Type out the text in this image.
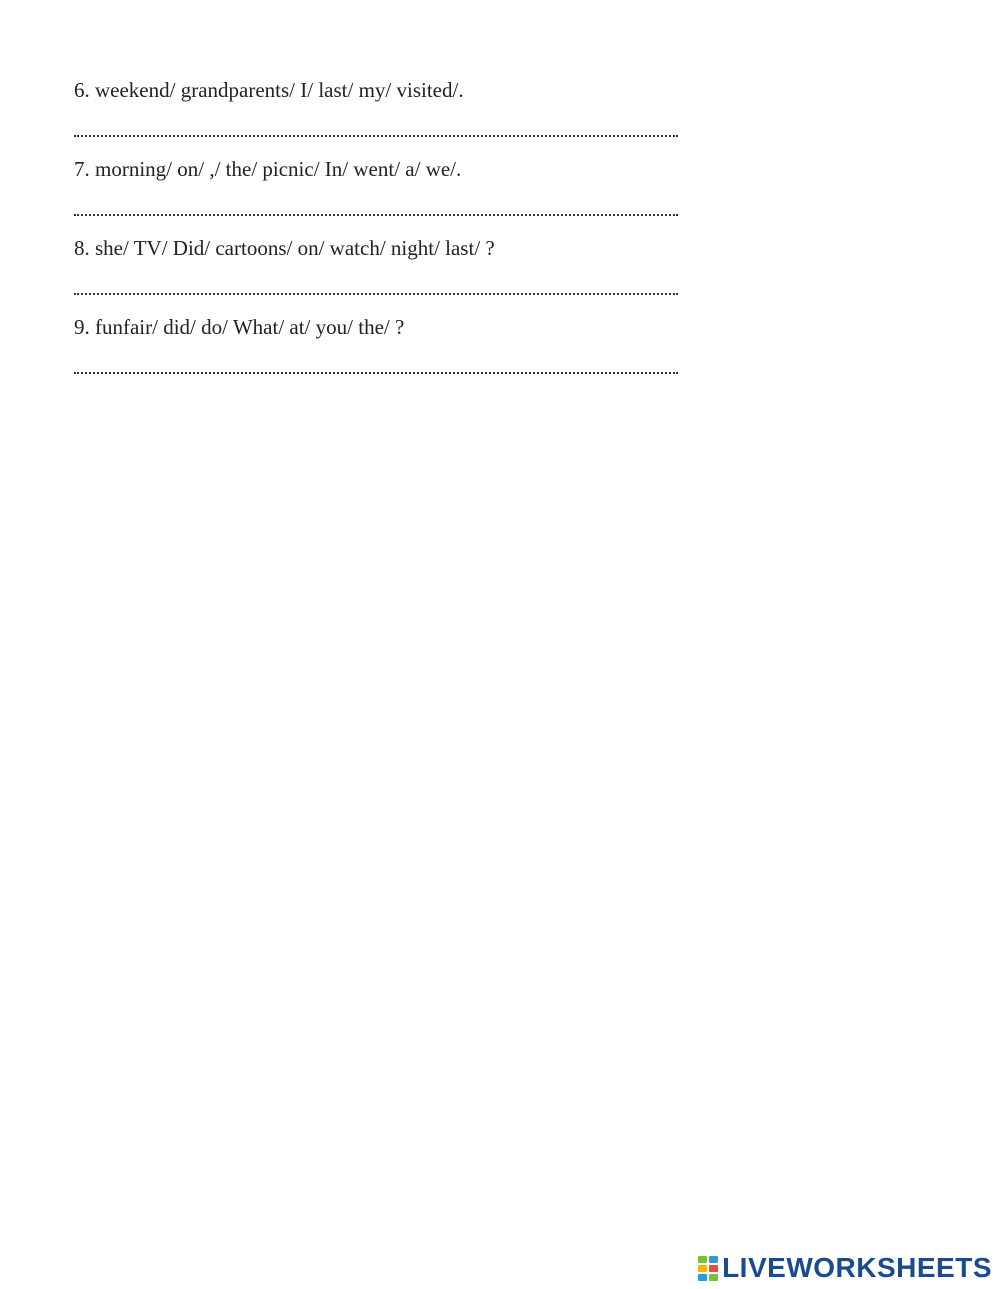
6. weekend/ grandparents/ I/ last/ my/ visited/.
7. morning/ on/ ,/ the/ picnic/ In/ went/ a/ we/.
8. she/ TV/ Did/ cartoons/ on/ watch/ night/ last/ ?
9. funfair/ did/ do/ What/ at/ you/ the/ ?
LIVEWORKSHEETS
